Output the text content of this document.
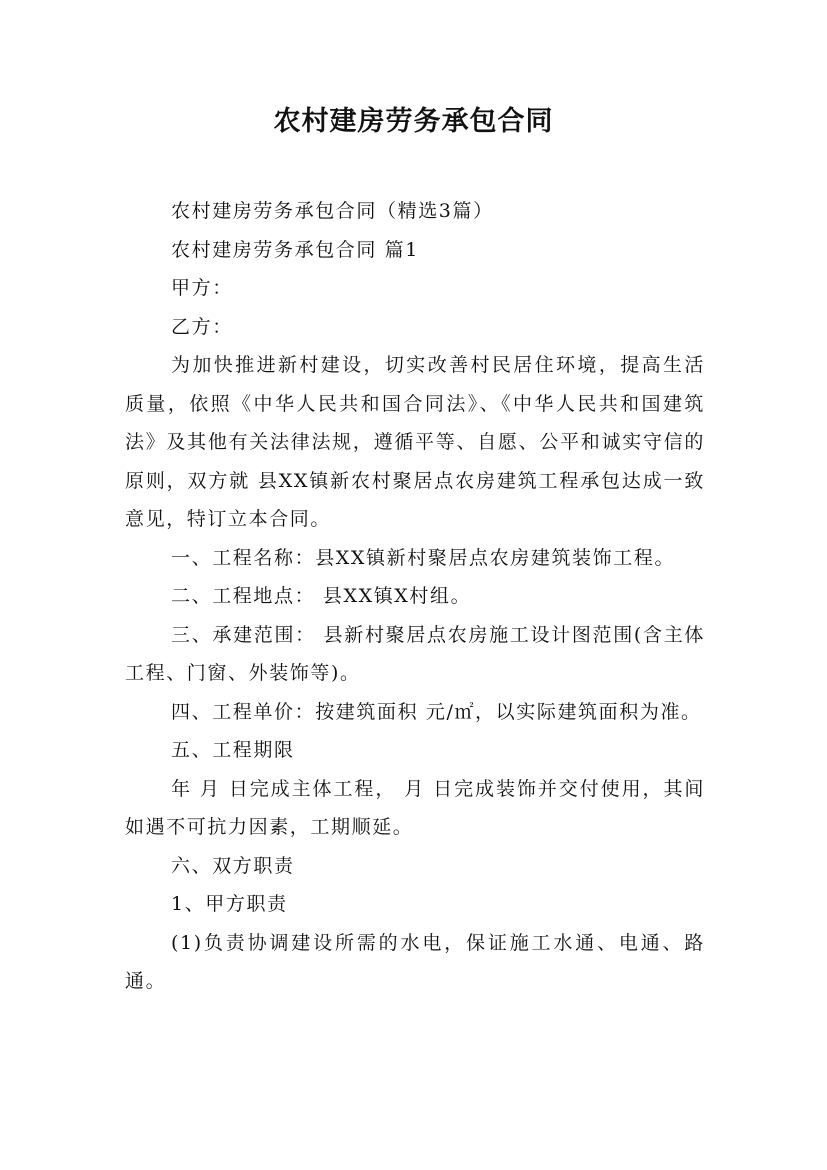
农村建房劳务承包合同

农村建房劳务承包合同（精选3篇）

农村建房劳务承包合同 篇1

甲方：

乙方：

为加快推进新村建设，切实改善村民居住环境，提高生活质量，依照《中华人民共和国合同法》、《中华人民共和国建筑法》及其他有关法律法规，遵循平等、自愿、公平和诚实守信的原则，双方就 县XX镇新农村聚居点农房建筑工程承包达成一致意见，特订立本合同。

一、工程名称：县XX镇新村聚居点农房建筑装饰工程。

二、工程地点： 县XX镇X村组。

三、承建范围： 县新村聚居点农房施工设计图范围(含主体工程、门窗、外装饰等)。

四、工程单价：按建筑面积 元/㎡，以实际建筑面积为准。

五、工程期限

年 月 日完成主体工程， 月 日完成装饰并交付使用，其间如遇不可抗力因素，工期顺延。

六、双方职责

1、甲方职责

(1)负责协调建设所需的水电，保证施工水通、电通、路通。
